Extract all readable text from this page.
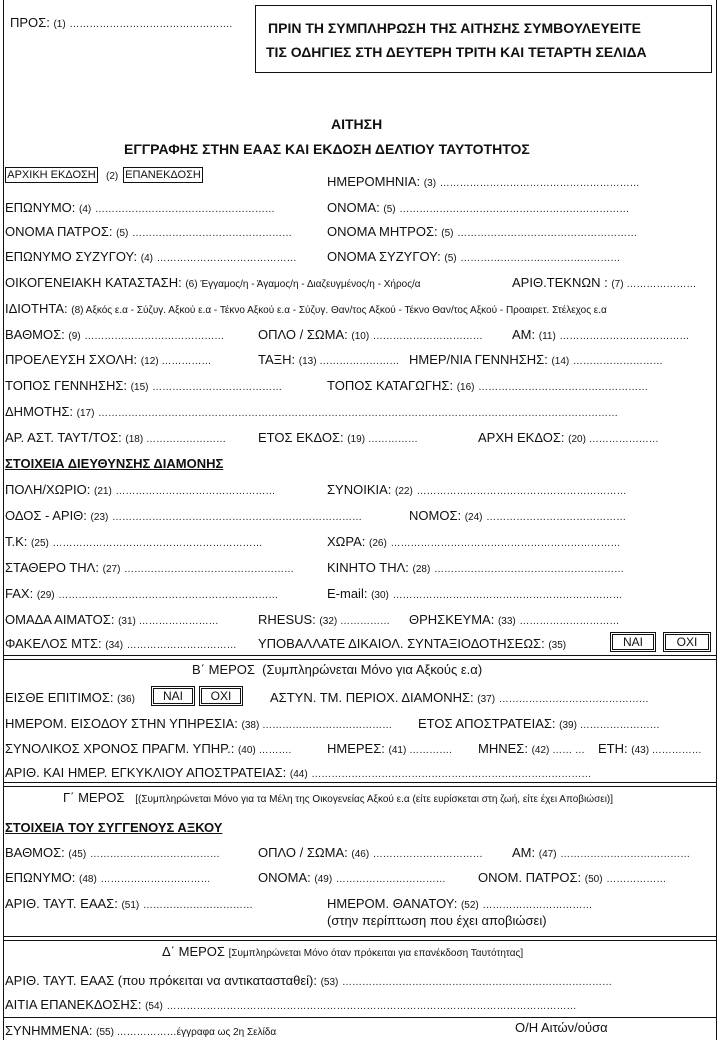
ΠΡΟΣ: (1) ………………………………………….	ΠΡΙΝ ΤΗ ΣΥΜΠΛΗΡΩΣΗ ΤΗΣ ΑΙΤΗΣΗΣ ΣΥΜΒΟΥΛΕΥΕΙΤΕ
ΤΙΣ ΟΔΗΓΙΕΣ ΣΤΗ ΔΕΥΤΕΡΗ ΤΡΙΤΗ ΚΑΙ ΤΕΤΑΡΤΗ ΣΕΛΙΔΑ
ΑΙΤΗΣΗ
ΕΓΓΡΑΦΗΣ ΣΤΗΝ ΕΑΑΣ ΚΑΙ ΕΚΔΟΣΗ ΔΕΛΤΙΟΥ ΤΑΥΤΟΤΗΤΟΣ
ΑΡΧΙΚΗ ΕΚΔΟΣΗ (2) ΕΠΑΝΕΚΔΟΣΗ	ΗΜΕΡΟΜΗΝΙΑ: (3) ……………………………………………………
ΕΠΩΝΥΜΟ: (4) ………………………………………………	ΟΝΟΜΑ: (5) ……………………………………………………………
ΟΝΟΜΑ ΠΑΤΡΟΣ: (5) …………………………………………	ΟΝΟΜΑ ΜΗΤΡΟΣ: (5) ………………………………………………
ΕΠΩΝΥΜΟ ΣΥΖΥΓΟΥ: (4) …………………………………… ΟΝΟΜΑ ΣΥΖΥΓΟΥ: (5) …………………………………………
ΟΙΚΟΓΕΝΕΙΑΚΗ ΚΑΤΑΣΤΑΣΗ: (6) Έγγαμος/η - Άγαμος/η - Διαζευγμένος/η - Χήρος/α	ΑΡΙΘ.ΤΕΚΝΩΝ : (7) …………………
ΙΔΙΟΤΗΤΑ: (8) Αξκός ε.α - Σύζυγ. Αξκού ε.α - Τέκνο Αξκού ε.α - Σύζυγ. Θαν/τος Αξκού - Τέκνο Θαν/τος Αξκού - Προαιρετ. Στέλεχος ε.α
ΒΑΘΜΟΣ: (9) ……………………………………	ΟΠΛΟ / ΣΩΜΑ: (10) …………………………… ΑΜ: (11) …………………………………
ΠΡΟΕΛΕΥΣΗ ΣΧΟΛΗ: (12) ……………	ΤΑΞΗ: (13) …………………… ΗΜΕΡ/ΝΙΑ ΓΕΝΝΗΣΗΣ: (14) ………………………
ΤΟΠΟΣ ΓΕΝΝΗΣΗΣ: (15) …………………………………	ΤΟΠΟΣ ΚΑΤΑΓΩΓΗΣ: (16) ……………………………………………
ΔΗΜΟΤΗΣ: (17) …………………………………………………………………………………………………………………………………………
ΑΡ. ΑΣΤ. ΤΑΥΤ/ΤΟΣ: (18) …………………… ΕΤΟΣ ΕΚΔΟΣ: (19) ……………	ΑΡΧΗ ΕΚΔΟΣ: (20) …………………
ΣΤΟΙΧΕΙΑ ΔΙΕΥΘΥΝΣΗΣ ΔΙΑΜΟΝΗΣ
ΠΟΛΗ/ΧΩΡΙΟ: (21) …………………………………………	ΣΥΝΟΙΚΙΑ: (22) ………………………………………………………
ΟΔΟΣ - ΑΡΙΘ: (23) …………………………………………………………………	ΝΟΜΟΣ: (24) ……………………………………
Τ.Κ: (25) ………………………………………………………	ΧΩΡΑ: (26) ……………………………………………………………
ΣΤΑΘΕΡΟ ΤΗΛ: (27) ……………………………………………	ΚΙΝΗΤΟ ΤΗΛ: (28) …………………………………………………
FAX: (29) …………………………………………………………	E-mail: (30) ……………………………………………………………
ΟΜΑΔΑ ΑΙΜΑΤΟΣ: (31) ……………………	RHESUS: (32) …………… ΘΡΗΣΚΕΥΜΑ: (33) …………………………
ΦΑΚΕΛΟΣ ΜΤΣ: (34) …………………………… ΥΠΟΒΑΛΛΑΤΕ ΔΙΚΑΙΟΛ. ΣΥΝΤΑΞΙΟΔΟΤΗΣΕΩΣ: (35)	ΝΑΙ	ΟΧΙ
Β΄ ΜΕΡΟΣ (Συμπληρώνεται Μόνο για Αξκούς ε.α)
ΕΙΣΘΕ ΕΠΙΤΙΜΟΣ: (36)	ΝΑΙ	ΟΧΙ	ΑΣΤΥΝ. ΤΜ. ΠΕΡΙΟΧ. ΔΙΑΜΟΝΗΣ: (37) ………………………………………
ΗΜΕΡΟΜ. ΕΙΣΟΔΟΥ ΣΤΗΝ ΥΠΗΡΕΣΙΑ: (38) ………………………………… ΕΤΟΣ ΑΠΟΣΤΡΑΤΕΙΑΣ: (39) ……………………
ΣΥΝΟΛΙΚΟΣ ΧΡΟΝΟΣ ΠΡΑΓΜ. ΥΠΗΡ.: (40) ……….	ΗΜΕΡΕΣ: (41) …………. ΜΗΝΕΣ: (42) …… … ΕΤΗ: (43) ……………
ΑΡΙΘ. ΚΑΙ ΗΜΕΡ. ΕΓΚΥΚΛΙΟΥ ΑΠΟΣΤΡΑΤΕΙΑΣ: (44) …………………………………………………………………………
Γ΄ ΜΕΡΟΣ [(Συμπληρώνεται Μόνο για τα Μέλη της Οικογενείας Αξκού ε.α (είτε ευρίσκεται στη ζωή, είτε έχει Αποβιώσει)]
ΣΤΟΙΧΕΙΑ ΤΟΥ ΣΥΓΓΕΝΟΥΣ ΑΞΚΟΥ
ΒΑΘΜΟΣ: (45) …………………………………	ΟΠΛΟ / ΣΩΜΑ: (46) …………………………… ΑΜ: (47) …………………………………
ΕΠΩΝΥΜΟ: (48) ……………………………	ΟΝΟΜΑ: (49) …………………………… ΟΝΟΜ. ΠΑΤΡΟΣ: (50) ………………
ΑΡΙΘ. ΤΑΥΤ. ΕΑΑΣ: (51) ……………………………	ΗΜΕΡΟΜ. ΘΑΝΑΤΟΥ: (52) ……………………………
(στην περίπτωση που έχει αποβιώσει)
Δ΄ ΜΕΡΟΣ [Συμπληρώνεται Μόνο όταν πρόκειται για επανέκδοση Ταυτότητας]
ΑΡΙΘ. ΤΑΥΤ. ΕΑΑΣ (που πρόκειται να αντικατασταθεί): (53) ………………………………………………………………………
ΑΙΤΙΑ ΕΠΑΝΕΚΔΟΣΗΣ: (54) ……………………………………………………………………………………………………………
ΣΥΝΗΜΜΕΝΑ: (55) ………………έγγραφα ως 2η Σελίδα	Ο/Η Αιτών/ούσα
